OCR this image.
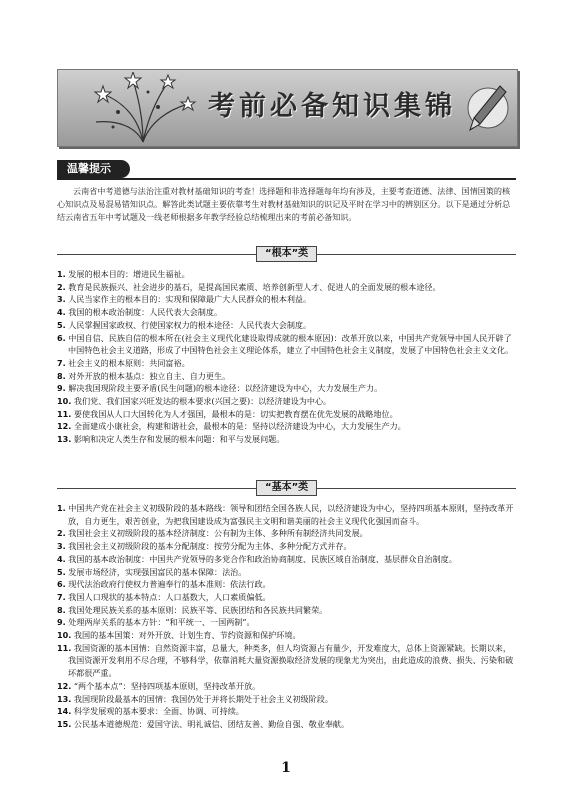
考前必备知识集锦
温馨提示
云南省中考道德与法治注重对教材基础知识的考查！选择题和非选择题每年均有涉及，主要考查道德、法律、国情国策的核心知识点及易混易错知识点。解答此类试题主要依靠考生对教材基础知识的识记及平时在学习中的辨别区分。以下是通过分析总结云南省五年中考试题及一线老师根据多年教学经验总结梳理出来的考前必备知识。
“根本”类
1. 发展的根本目的：增进民生福祉。
2. 教育是民族振兴、社会进步的基石，是提高国民素质、培养创新型人才、促进人的全面发展的根本途径。
3. 人民当家作主的根本目的：实现和保障最广大人民群众的根本利益。
4. 我国的根本政治制度：人民代表大会制度。
5. 人民掌握国家政权、行使国家权力的根本途径：人民代表大会制度。
6. 中国自信、民族自信的根本所在(社会主义现代化建设取得成就的根本原因)：改革开放以来，中国共产党领导中国人民开辟了中国特色社会主义道路，形成了中国特色社会主义理论体系，建立了中国特色社会主义制度，发展了中国特色社会主义文化。
7. 社会主义的根本原则：共同富裕。
8. 对外开放的根本基点：独立自主、自力更生。
9. 解决我国现阶段主要矛盾(民生问题)的根本途径：以经济建设为中心，大力发展生产力。
10. 我们党、我们国家兴旺发达的根本要求(兴国之要)：以经济建设为中心。
11. 要使我国从人口大国转化为人才强国，最根本的是：切实把教育摆在优先发展的战略地位。
12. 全面建成小康社会，构建和谐社会，最根本的是：坚持以经济建设为中心，大力发展生产力。
13. 影响和决定人类生存和发展的根本问题：和平与发展问题。
“基本”类
1. 中国共产党在社会主义初级阶段的基本路线：领导和团结全国各族人民，以经济建设为中心，坚持四项基本原则，坚持改革开放，自力更生，艰苦创业，为把我国建设成为富强民主文明和谐美丽的社会主义现代化强国而奋斗。
2. 我国社会主义初级阶段的基本经济制度：公有制为主体、多种所有制经济共同发展。
3. 我国社会主义初级阶段的基本分配制度：按劳分配为主体、多种分配方式并存。
4. 我国的基本政治制度：中国共产党领导的多党合作和政治协商制度、民族区域自治制度、基层群众自治制度。
5. 发展市场经济，实现强国富民的基本保障：法治。
6. 现代法治政府行使权力普遍奉行的基本准则：依法行政。
7. 我国人口现状的基本特点：人口基数大，人口素质偏低。
8. 我国处理民族关系的基本原则：民族平等、民族团结和各民族共同繁荣。
9. 处理两岸关系的基本方针：“和平统一、一国两制”。
10. 我国的基本国策：对外开放、计划生育、节约资源和保护环境。
11. 我国资源的基本国情：自然资源丰富，总量大，种类多，但人均资源占有量少，开发难度大，总体上资源紧缺。长期以来，我国资源开发利用不尽合理，不够科学，依靠消耗大量资源换取经济发展的现象尤为突出，由此造成的浪费、损失、污染和破坏都很严重。
12. “两个基本点”：坚持四项基本原则，坚持改革开放。
13. 我国现阶段最基本的国情：我国仍处于并将长期处于社会主义初级阶段。
14. 科学发展观的基本要求：全面、协调、可持续。
15. 公民基本道德规范：爱国守法、明礼诚信、团结友善、勤俭自强、敬业奉献。
1
